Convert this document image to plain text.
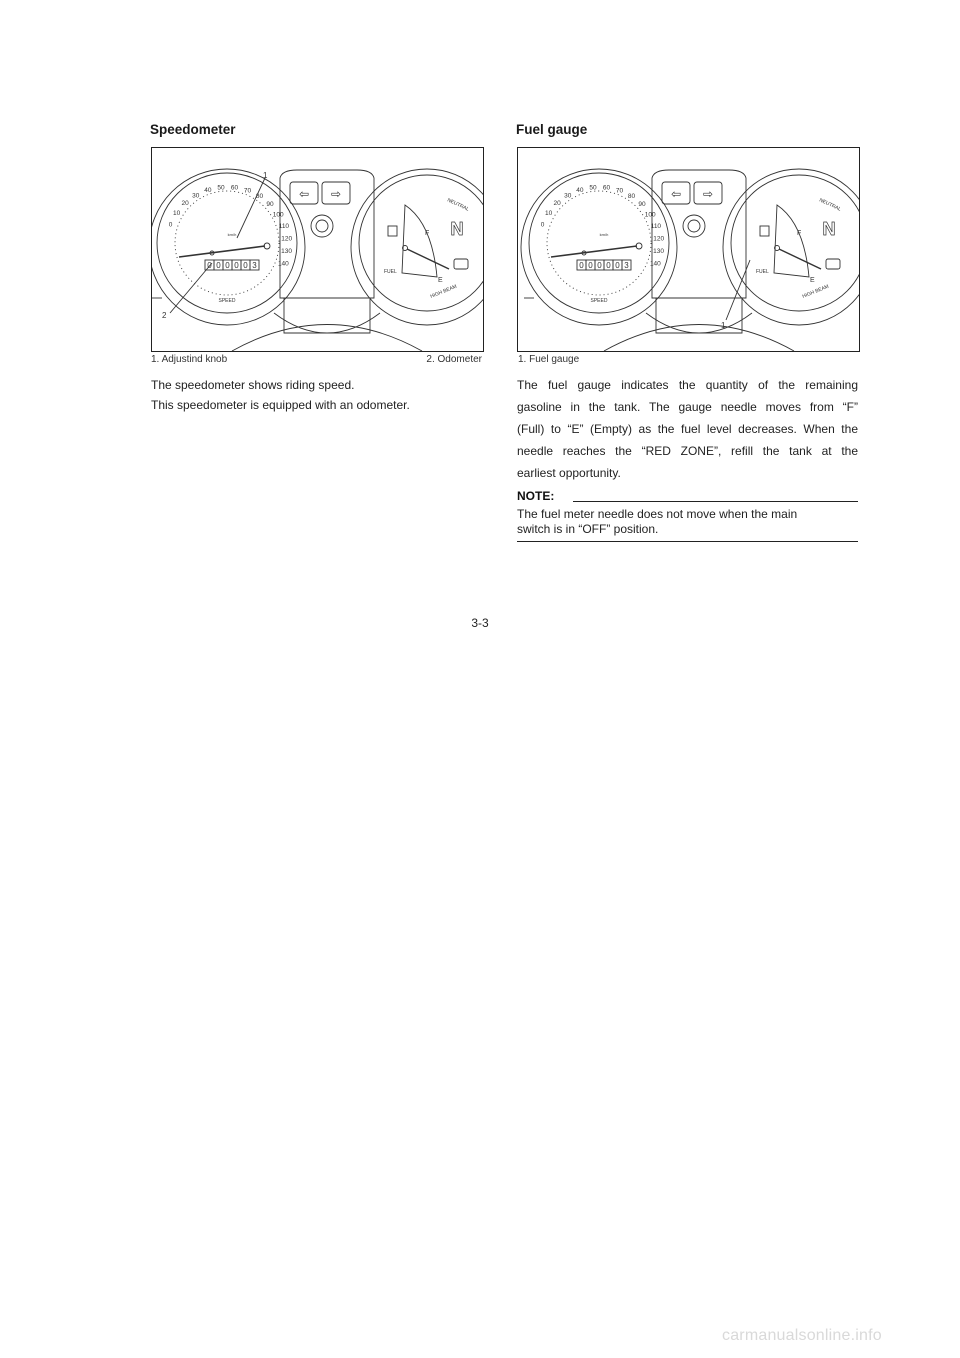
Speedometer
⇦ ⇨
0
10
20
30
40 50 60 70
80
90
100
110
120
130
140
km/h
0 0 0 0 0 3
SPEED
F
E
FUEL
N
NEUTRAL
HIGH BEAM
1
2
1. Adjustind knob	2. Odometer

The speedometer shows riding speed.

This speedometer is equipped with an odometer.

Fuel gauge
⇦ ⇨
0
10
20
30
40 50 60 70
80
90
100
110
120
130
140
km/h
0 0 0 0 0 3
SPEED
F
E
FUEL
N
NEUTRAL
HIGH BEAM
1
1. Fuel gauge
The fuel gauge indicates the quantity of the remaining
gasoline in the tank. The gauge needle moves from “F”
(Full) to “E” (Empty) as the fuel level decreases. When the
needle reaches the “RED ZONE”, refill the tank at the
earliest opportunity.
NOTE:
The fuel meter needle does not move when the main
switch is in “OFF” position.
3-3
carmanualsonline.info
